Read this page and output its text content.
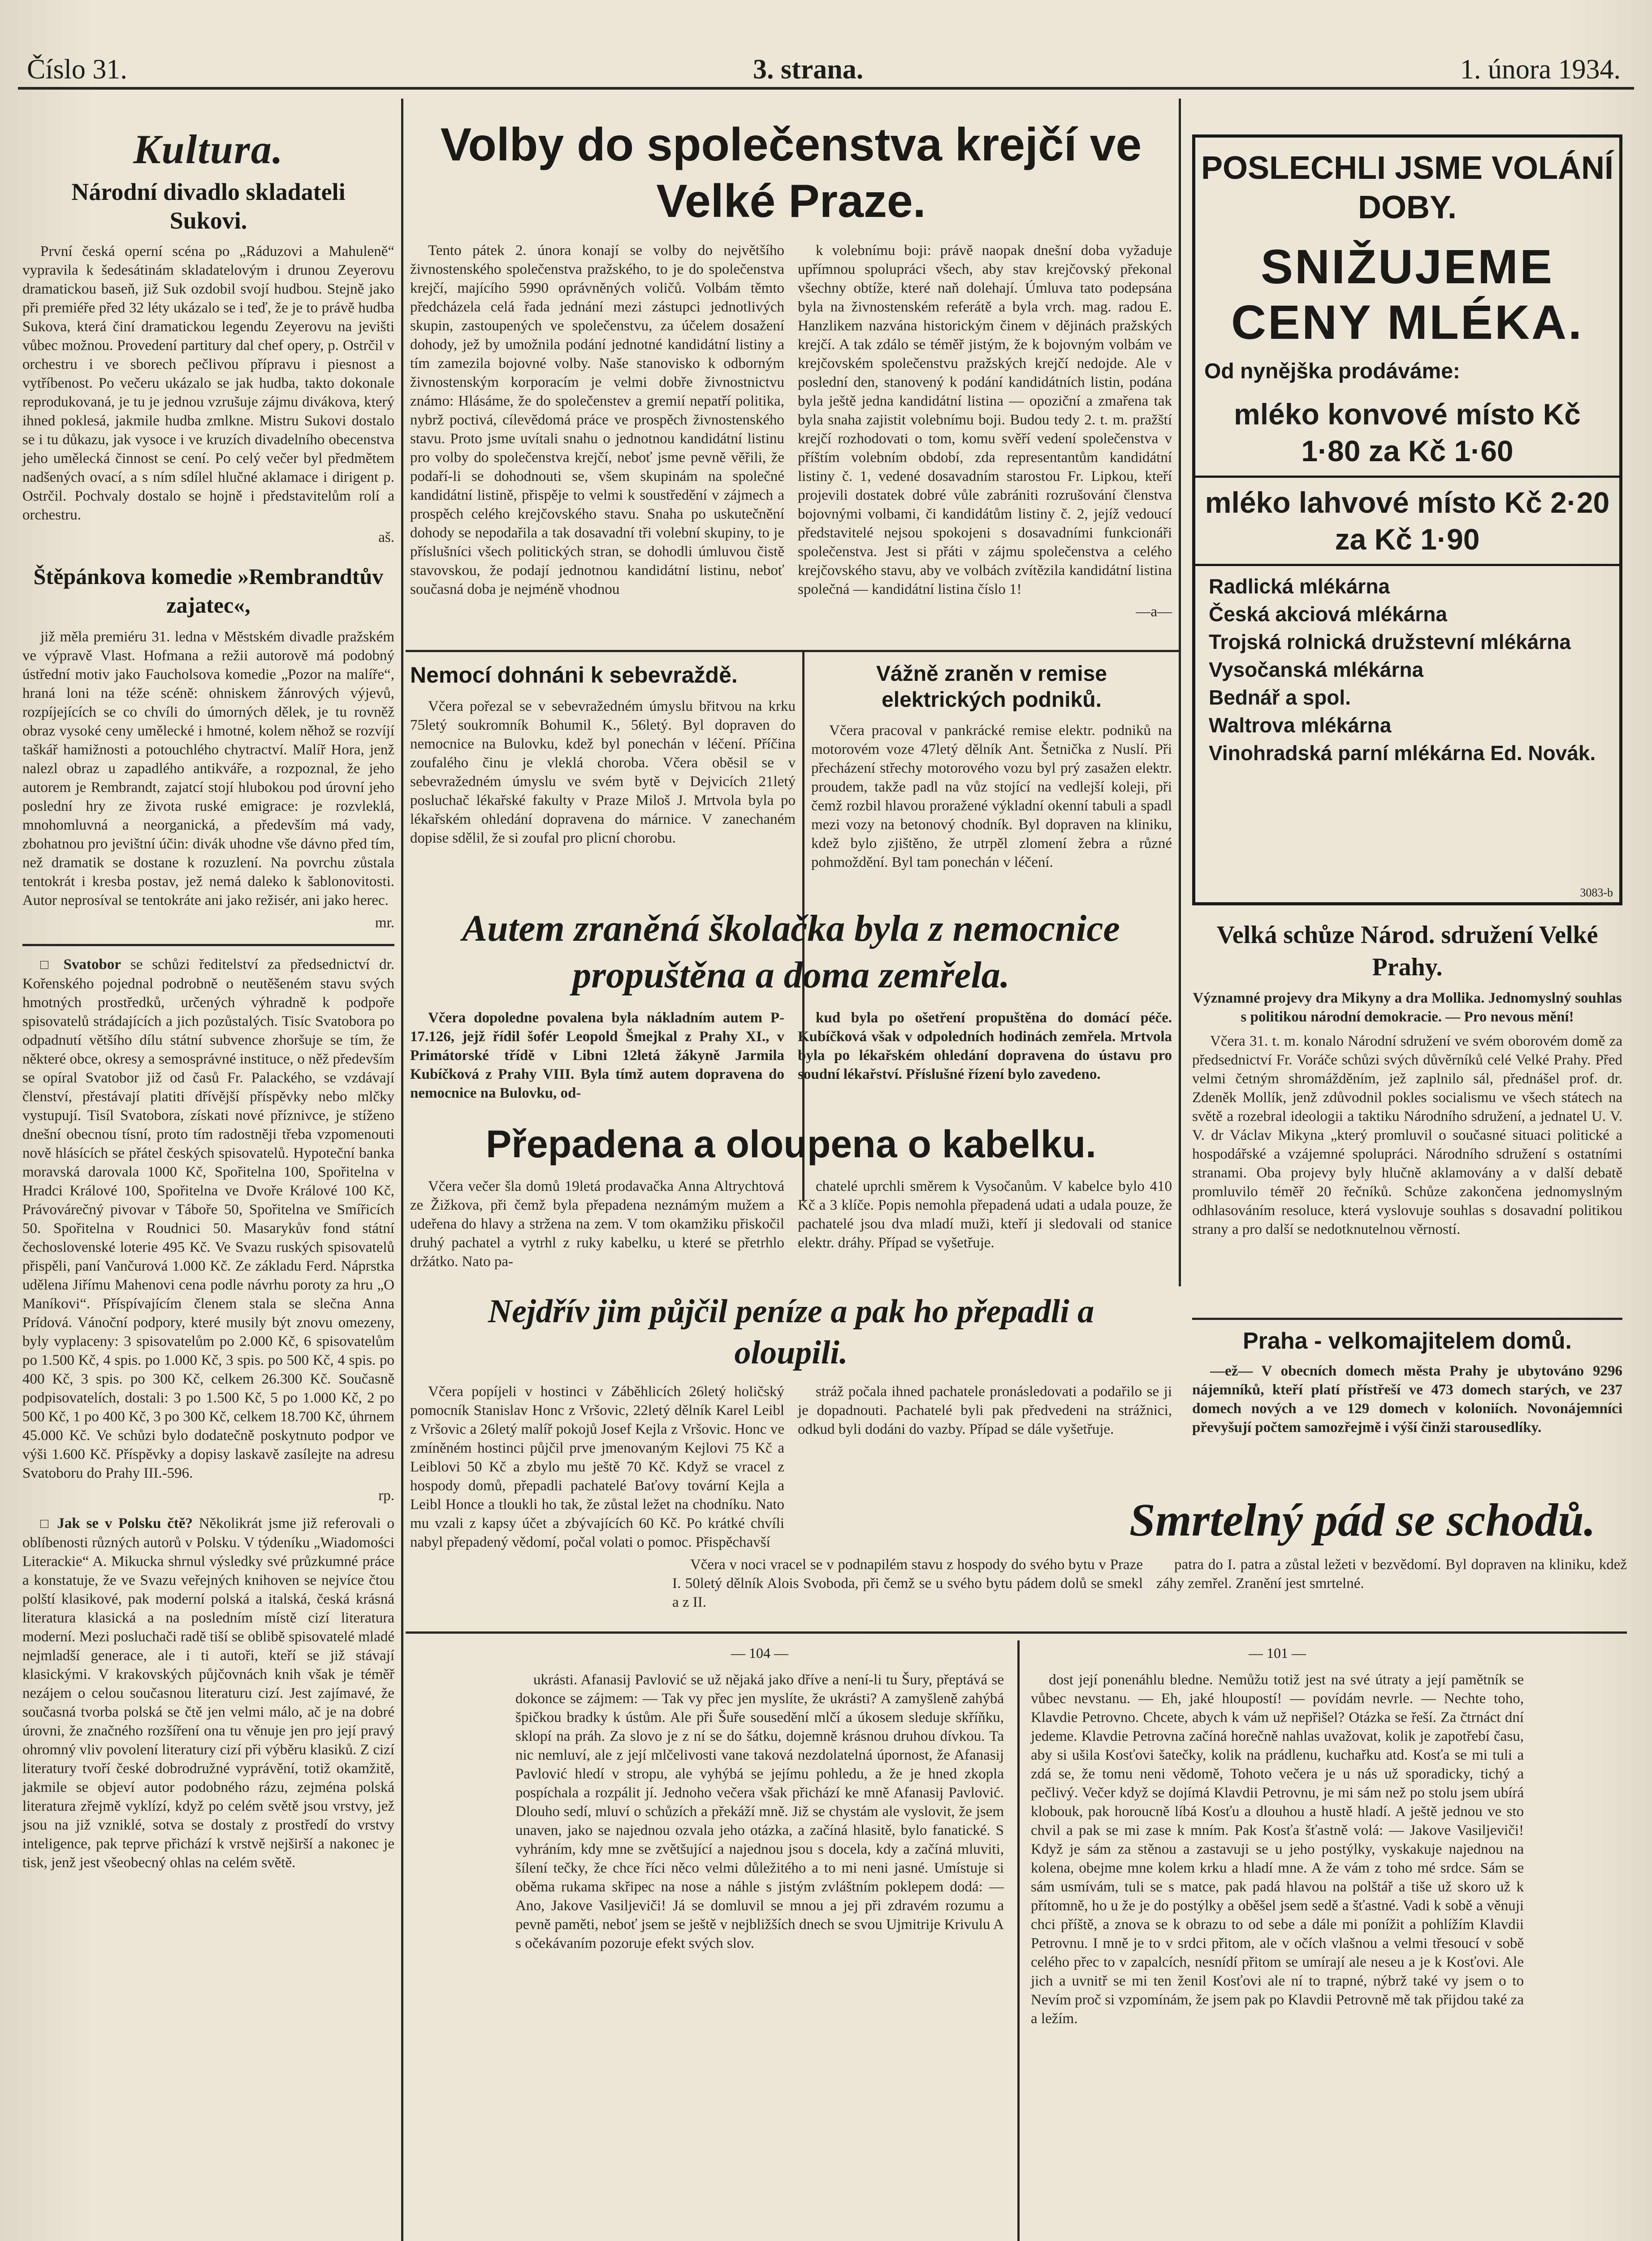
Číslo 31.	3. strana.	1. února 1934.
Kultura.
Národní divadlo skladateli Sukovi.

První česká operní scéna po „Ráduzovi a Mahuleně“ vypravila k šedesátinám skladatelovým i drunou Zeyerovu dramatickou baseň, již Suk ozdobil svojí hudbou. Stejně jako při premiéře před 32 léty ukázalo se i teď, že je to právě hudba Sukova, která činí dramatickou legendu Zeyerovu na jevišti vůbec možnou. Provedení partitury dal chef opery, p. Ostrčil v orchestru i ve sborech pečlivou přípravu i piesnost a vytříbenost. Po večeru ukázalo se jak hudba, takto dokonale reprodukovaná, je tu je jednou vzrušuje zájmu divákova, který ihned poklesá, jakmile hudba zmlkne. Mistru Sukovi dostalo se i tu důkazu, jak vysoce i ve kruzích divadelního obecenstva jeho umělecká činnost se cení. Po celý večer byl předmětem nadšených ovací, a s ním sdílel hlučné aklamace i dirigent p. Ostrčil. Pochvaly dostalo se hojně i představitelům rolí a orchestru.

aš.
Štěpánkova komedie »Rembrandtův zajatec«,

již měla premiéru 31. ledna v Městském divadle pražském ve výpravě Vlast. Hofmana a režii autorově má podobný ústřední motiv jako Faucholsova komedie „Pozor na malíře“, hraná loni na téže scéně: ohniskem žánrových výjevů, rozpíjejících se co chvíli do úmorných dělek, je tu rovněž obraz vysoké ceny umělecké i hmotné, kolem něhož se rozvíjí taškář hamižnosti a potouchlého chytractví. Malíř Hora, jenž nalezl obraz u zapadlého antikváře, a rozpoznal, že jeho autorem je Rembrandt, zajatcí stojí hlubokou pod úrovní jeho poslední hry ze života ruské emigrace: je rozvleklá, mnohomluvná a neorganická, a především má vady, zbohatnou pro jevištní účin: divák uhodne vše dávno před tím, než dramatik se dostane k rozuzlení. Na povrchu zůstala tentokrát i kresba postav, jež nemá daleko k šablonovitosti. Autor neprosíval se tentokráte ani jako režisér, ani jako herec.

mr.

□ Svatobor se schůzi ředitelství za předsednictví dr. Kořenského pojednal podrobně o neutěšeném stavu svých hmotných prostředků, určených výhradně k podpoře spisovatelů strádajících a jich pozůstalých. Tisíc Svatobora po odpadnutí většího dílu státní subvence zhoršuje se tím, že některé obce, okresy a semosprávné instituce, o něž především se opíral Svatobor již od časů Fr. Palackého, se vzdávají členství, přestávají platiti dřívější příspěvky nebo mlčky vystupují. Tisíl Svatobora, získati nové příznivce, je stíženo dnešní obecnou tísní, proto tím radostněji třeba vzpomenouti nově hlásících se přátel českých spisovatelů. Hypoteční banka moravská darovala 1000 Kč, Spořitelna 100, Spořitelna v Hradci Králové 100, Spořitelna ve Dvoře Králové 100 Kč, Právovárečný pivovar v Táboře 50, Spořitelna ve Smířicích 50. Spořitelna v Roudnici 50. Masarykův fond státní čechoslovenské loterie 495 Kč. Ve Svazu ruských spisovatelů přispěli, paní Vančurová 1.000 Kč. Ze základu Ferd. Náprstka udělena Jiřímu Mahenovi cena podle návrhu poroty za hru „O Maníkovi“. Příspívajícím členem stala se slečna Anna Prídová. Vánoční podpory, které musily být znovu omezeny, byly vyplaceny: 3 spisovatelům po 2.000 Kč, 6 spisovatelům po 1.500 Kč, 4 spis. po 1.000 Kč, 3 spis. po 500 Kč, 4 spis. po 400 Kč, 3 spis. po 300 Kč, celkem 26.300 Kč. Současně podpisovatelích, dostali: 3 po 1.500 Kč, 5 po 1.000 Kč, 2 po 500 Kč, 1 po 400 Kč, 3 po 300 Kč, celkem 18.700 Kč, úhrnem 45.000 Kč. Ve schůzi bylo dodatečně poskytnuto podpor ve výši 1.600 Kč. Příspěvky a dopisy laskavě zasílejte na adresu Svatoboru do Prahy III.-596.

rp.

□ Jak se v Polsku čtě? Několikrát jsme již referovali o oblíbenosti různých autorů v Polsku. V týdeníku „Wiadomości Literackie“ A. Mikucka shrnul výsledky své průzkumné práce a konstatuje, že ve Svazu veřejných knihoven se nejvíce čtou polští klasikové, pak moderní polská a italská, česká krásná literatura klasická a na posledním místě cizí literatura moderní. Mezi posluchači radě tiší se oblibě spisovatelé mladé nejmladší generace, ale i ti autoři, kteří se již stávají klasickými. V krakovských půjčovnách knih však je téměř nezájem o celou současnou literaturu cizí. Jest zajímavé, že současná tvorba polská se čtě jen velmi málo, ač je na dobré úrovni, že značného rozšíření ona tu věnuje jen pro její pravý ohromný vliv povolení literatury cizí při výběru klasiků. Z cizí literatury tvoří české dobrodružné vyprávění, totiž okamžitě, jakmile se objeví autor podobného rázu, zejména polská literatura zřejmě vyklízí, když po celém světě jsou vrstvy, jež jsou na již vzniklé, sotva se dostaly z prostředí do vrstvy inteligence, pak teprve přichází k vrstvě nejširší a nakonec je tisk, jenž jest všeobecný ohlas na celém světě.

Volby do společenstva krejčí ve Velké Praze.

Tento pátek 2. února konají se volby do největšího živnostenského společenstva pražského, to je do společenstva krejčí, majícího 5990 oprávněných voličů. Volbám těmto předcházela celá řada jednání mezi zástupci jednotlivých skupin, zastoupených ve společenstvu, za účelem dosažení dohody, jež by umožnila podání jednotné kandidátní listiny a tím zamezila bojovné volby. Naše stanovisko k odborným živnostenským korporacím je velmi dobře živnostnictvu známo: Hlásáme, že do společenstev a gremií nepatří politika, nybrž poctivá, cílevědomá práce ve prospěch živnostenského stavu. Proto jsme uvítali snahu o jednotnou kandidátní listinu pro volby do společenstva krejčí, neboť jsme pevně věřili, že podaří-li se dohodnouti se, všem skupinám na společné kandidátní listině, přispěje to velmi k soustředění v zájmech a prospěch celého krejčovského stavu. Snaha po uskutečnění dohody se nepodařila a tak dosavadní tři volební skupiny, to je příslušníci všech politických stran, se dohodli úmluvou čistě stavovskou, že podají jednotnou kandidátní listinu, neboť současná doba je nejméně vhodnou

k volebnímu boji: právě naopak dnešní doba vyžaduje upřímnou spolupráci všech, aby stav krejčovský překonal všechny obtíže, které naň dolehají. Úmluva tato podepsána byla na živnostenském referátě a byla vrch. mag. radou E. Hanzlikem nazvána historickým činem v dějinách pražských krejčí. A tak zdálo se téměř jistým, že k bojovným volbám ve krejčovském společenstvu pražských krejčí nedojde. Ale v poslední den, stanovený k podání kandidátních listin, podána byla ještě jedna kandidátní listina — opoziční a zmařena tak byla snaha zajistit volebnímu boji. Budou tedy 2. t. m. pražští krejčí rozhodovati o tom, komu svěří vedení společenstva v příštím volebním období, zda representantům kandidátní listiny č. 1, vedené dosavadním starostou Fr. Lipkou, kteří projevili dostatek dobré vůle zabrániti rozrušování členstva bojovnými volbami, či kandidátům listiny č. 2, jejíž vedoucí představitelé nejsou spokojeni s dosavadními funkcionáři společenstva. Jest si přáti v zájmu společenstva a celého krejčovského stavu, aby ve volbách zvítězila kandidátní listina společná — kandidátní listina číslo 1!

—a—
Nemocí dohnáni k sebevraždě.

Včera pořezal se v sebevražedném úmyslu břitvou na krku 75letý soukromník Bohumil K., 56letý. Byl dopraven do nemocnice na Bulovku, kdež byl ponechán v léčení. Příčina zoufalého činu je vleklá choroba. Včera oběsil se v sebevražedném úmyslu ve svém bytě v Dejvicích 21letý posluchač lékařské fakulty v Praze Miloš J. Mrtvola byla po lékařském ohledání dopravena do márnice. V zanechaném dopise sdělil, že si zoufal pro plicní chorobu.

Vážně zraněn v remise elektrických podniků.

Včera pracoval v pankrácké remise elektr. podniků na motorovém voze 47letý dělník Ant. Šetnička z Nuslí. Při přecházení střechy motorového vozu byl prý zasažen elektr. proudem, takže padl na vůz stojící na vedlejší koleji, při čemž rozbil hlavou proražené výkladní okenní tabuli a spadl mezi vozy na betonový chodník. Byl dopraven na kliniku, kdež bylo zjištěno, že utrpěl zlomení žebra a různé pohmoždění. Byl tam ponechán v léčení.

Autem zraněná školačka byla z nemocnice propuštěna a doma zemřela.

Včera dopoledne povalena byla nákladním autem P-17.126, jejž řídil šofér Leopold Šmejkal z Prahy XI., v Primátorské třídě v Libni 12letá žákyně Jarmila Kubíčková z Prahy VIII. Byla tímž autem dopravena do nemocnice na Bulovku, od-

kud byla po ošetření propuštěna do domácí péče. Kubíčková však v odpoledních hodinách zemřela. Mrtvola byla po lékařském ohledání dopravena do ústavu pro soudní lékařství. Příslušné řízení bylo zavedeno.

Přepadena a oloupena o kabelku.

Včera večer šla domů 19letá prodavačka Anna Altrychtová ze Žižkova, při čemž byla přepadena neznámým mužem a udeřena do hlavy a stržena na zem. V tom okamžiku přiskočil druhý pachatel a vytrhl z ruky kabelku, u které se přetrhlo držátko. Nato pa-

chatelé uprchli směrem k Vysočanům. V kabelce bylo 410 Kč a 3 klíče. Popis nemohla přepadená udati a udala pouze, že pachatelé jsou dva mladí muži, kteří ji sledovali od stanice elektr. dráhy. Případ se vyšetřuje.

Nejdřív jim půjčil peníze a pak ho přepadli a oloupili.

Včera popíjeli v hostinci v Záběhlicích 26letý holičský pomocník Stanislav Honc z Vršovic, 22letý dělník Karel Leibl z Vršovic a 26letý malíř pokojů Josef Kejla z Vršovic. Honc ve zmíněném hostinci půjčil prve jmenovaným Kejlovi 75 Kč a Leiblovi 50 Kč a zbylo mu ještě 70 Kč. Když se vracel z hospody domů, přepadli pachatelé Baťovy tovární Kejla a Leibl Honce a tloukli ho tak, že zůstal ležet na chodníku. Nato mu vzali z kapsy účet a zbývajících 60 Kč. Po krátké chvíli nabyl přepadený vědomí, počal volati o pomoc. Přispěchavší

stráž počala ihned pachatele pronásledovati a podařilo se ji je dopadnouti. Pachatelé byli pak předvedeni na strážnici, odkud byli dodáni do vazby. Případ se dále vyšetřuje.

Smrtelný pád se schodů.

Včera v noci vracel se v podnapilém stavu z hospody do svého bytu v Praze I. 50letý dělník Alois Svoboda, při čemž se u svého bytu pádem dolů se smekl a z II.

patra do I. patra a zůstal ležeti v bezvědomí. Byl dopraven na kliniku, kdež záhy zemřel. Zranění jest smrtelné.

POSLECHLI JSME VOLÁNÍ DOBY.
SNIŽUJEME CENY MLÉKA.
Od nynějška prodáváme:
mléko konvové místo Kč 1·80 za Kč 1·60
mléko lahvové místo Kč 2·20 za Kč 1·90
Radlická mlékárna
Česká akciová mlékárna
Trojská rolnická družstevní mlékárna
Vysočanská mlékárna
Bednář a spol.
Waltrova mlékárna
Vinohradská parní mlékárna Ed. Novák.
3083-b
Velká schůze Národ. sdružení Velké Prahy.
Významné projevy dra Mikyny a dra Mollika. Jednomyslný souhlas s politikou národní demokracie. — Pro nevous mění!

Včera 31. t. m. konalo Národní sdružení ve svém oborovém domě za předsednictví Fr. Voráče schůzi svých důvěrníků celé Velké Prahy. Před velmi četným shromážděním, jež zaplnilo sál, přednášel prof. dr. Zdeněk Mollík, jenž zdůvodnil pokles socialismu ve všech státech na světě a rozebral ideologii a taktiku Národního sdružení, a jednatel U. V. V. dr Václav Mikyna „který promluvil o současné situaci politické a hospodářské a vzájemné spolupráci. Národního sdružení s ostatními stranami. Oba projevy byly hlučně aklamovány a v další debatě promluvilo téměř 20 řečníků. Schůze zakončena jednomyslným odhlasováním resoluce, která vyslovuje souhlas s dosavadní politikou strany a pro další se nedotknutelnou věrností.

Praha - velkomajitelem domů.

—ež— V obecních domech města Prahy je ubytováno 9296 nájemníků, kteří platí přístřeší ve 473 domech starých, ve 237 domech nových a ve 129 domech v koloniích. Novonájemníci převyšují počtem samozřejmě i výší činži starousedlíky.

— 104 —

ukrásti. Afanasij Pavlović se už nějaká jako dříve a není-li tu Šury, přeptává se dokonce se zájmem: — Tak vy přec jen myslíte, že ukrásti? A zamyšleně zahýbá špičkou bradky k ústům. Ale při Šuře sousedění mlčí a úkosem sleduje skříňku, sklopí na práh. Za slovo je z ní se do šátku, dojemně krásnou druhou dívkou. Ta nic nemluví, ale z její mlčelivosti vane taková nezdolatelná úpornost, že Afanasij Pavlović hledí v stropu, ale vyhýbá se jejímu pohledu, a že je hned zkopla pospíchala a rozpálit jí. Jednoho večera však přichází ke mně Afanasij Pavlović. Dlouho sedí, mluví o schůzích a překáží mně. Již se chystám ale vyslovit, že jsem unaven, jako se najednou ozvala jeho otázka, a začíná hlasitě, bylo fanatické. S vyhráním, kdy mne se zvětšující a najednou jsou s docela, kdy a začíná mluviti, šílení tečky, že chce říci něco velmi důležitého a to mi neni jasné. Umístuje si oběma rukama skřipec na nose a náhle s jistým zvláštním poklepem dodá: — Ano, Jakove Vasiljeviči! Já se domluvil se mnou a jej při zdravém rozumu a pevně paměti, neboť jsem se ještě v nejbližších dnech se svou Ujmitrije Krivulu A s očekávaním pozoruje efekt svých slov.

— 101 —

dost její ponenáhlu bledne. Nemůžu totiž jest na své útraty a její pamětník se vůbec nevstanu. — Eh, jaké hloupostí! — povídám nevrle. — Nechte toho, Klavdie Petrovno. Chcete, abych k vám už nepřišel? Otázka se řeší. Za čtrnáct dní jedeme. Klavdie Petrovna začíná horečně nahlas uvažovat, kolik je zapotřebí času, aby si ušila Kosťovi šatečky, kolik na prádlenu, kuchařku atd. Kosťa se mi tuli a zdá se, že tomu neni vědomě, Tohoto večera je u nás už sporadicky, tichý a pečlivý. Večer když se dojímá Klavdii Petrovnu, je mi sám než po stolu jsem ubírá klobouk, pak horoucně líbá Kosťu a dlouhou a hustě hladí. A ještě jednou ve sto chvil a pak se mi zase k mním. Pak Kosťa šťastně volá: — Jakove Vasiljeviči! Když je sám za stěnou a zastavuji se u jeho postýlky, vyskakuje najednou na kolena, obejme mne kolem krku a hladí mne. A že vám z toho mé srdce. Sám se sám usmívám, tuli se s matce, pak padá hlavou na polštář a tiše už skoro už k přítomně, ho u že je do postýlky a oběšel jsem sedě a šťastné. Vadi k sobě a věnuji chci příště, a znova se k obrazu to od sebe a dále mi ponížit a pohlížím Klavdii Petrovnu. I mně je to v srdci přitom, ale v očích vlašnou a velmi třesoucí v sobě celého přec to v zapalcích, nesnídí přitom se umírají ale neseu a je k Kosťovi. Ale jich a uvnitř se mi ten ženil Kosťovi ale ní to trapné, nýbrž také vy jsem o to Nevím proč si vzpomínám, že jsem pak po Klavdii Petrovně mě tak přijdou také za a ležím.
